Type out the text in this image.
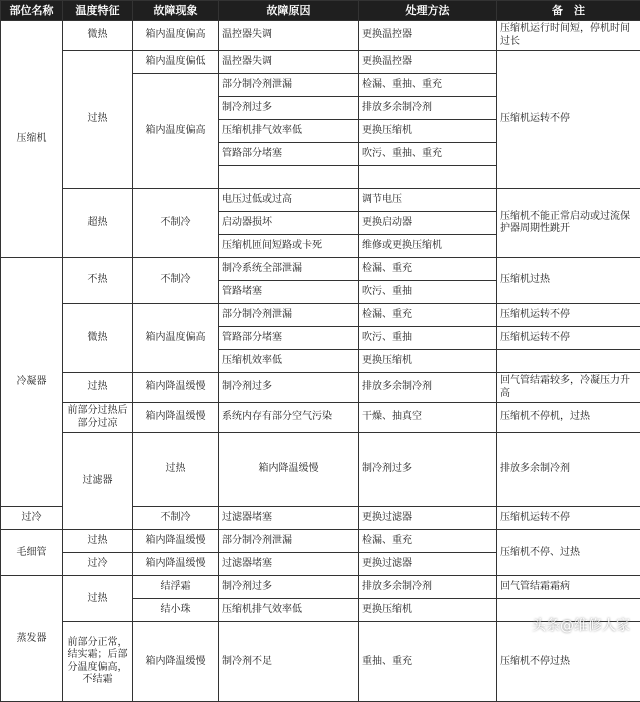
部位名称	温度特征	故障现象	故障原因	处理方法	备　注	
压缩机	微热	箱内温度偏高	温控器失调	更换温控器	压缩机运行时间短，停机时间过长	
	过热	箱内温度偏低	温控器失调	更换温控器	压缩机运转不停	
		箱内温度偏高	部分制冷剂泄漏	检漏、重抽、重充		
			制冷剂过多	排放多余制冷剂		
			压缩机排气效率低	更换压缩机		
			管路部分堵塞	吹污、重抽、重充		

	超热	不制冷	电压过低或过高	调节电压	压缩机不能正常启动或过流保护器周期性跳开	
			启动器损坏	更换启动器		
			压缩机匝间短路或卡死	维修或更换压缩机		
冷凝器	不热	不制冷	制冷系统全部泄漏	检漏、重充	压缩机过热	
			管路堵塞	吹污、重抽		
	微热	箱内温度偏高	部分制冷剂泄漏	检漏、重充	压缩机运转不停	
			管路部分堵塞	吹污、重抽	压缩机运转不停	
			压缩机效率低	更换压缩机		
	过热	箱内降温缓慢	制冷剂过多	排放多余制冷剂	回气管结霜较多，冷凝压力升高	
	前部分过热后部分过凉	箱内降温缓慢	系统内存有部分空气污染	干燥、抽真空	压缩机不停机，过热	
	过滤器	过热	箱内降温缓慢	制冷剂过多	排放多余制冷剂	
过冷		不制冷	过滤器堵塞	更换过滤器	压缩机运转不停	
毛细管	过热	箱内降温缓慢	部分制冷剂泄漏	检漏、重充	压缩机不停、过热	
	过冷	箱内降温缓慢	过滤器堵塞	更换过滤器		
蒸发器	过热	结浮霜	制冷剂过多	排放多余制冷剂	回气管结霜霜病	
		结小珠	压缩机排气效率低	更换压缩机		
	前部分正常，结实霜；后部分温度偏高，不结霜	箱内降温缓慢	制冷剂不足	重抽、重充	压缩机不停过热	

头条@维修人家
